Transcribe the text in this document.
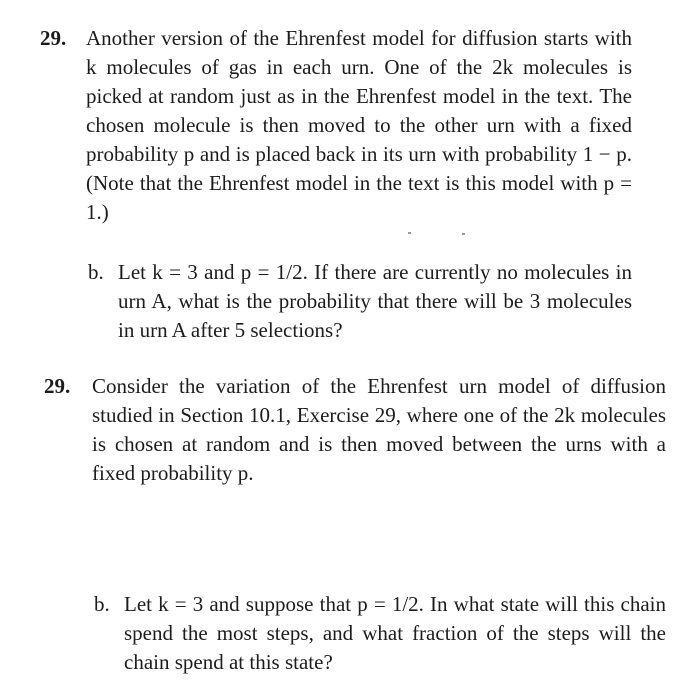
29. Another version of the Ehrenfest model for diffusion starts with k molecules of gas in each urn. One of the 2k molecules is picked at random just as in the Ehrenfest model in the text. The chosen molecule is then moved to the other urn with a fixed probability p and is placed back in its urn with probability 1 − p. (Note that the Ehrenfest model in the text is this model with p = 1.)
b. Let k = 3 and p = 1/2. If there are currently no molecules in urn A, what is the probability that there will be 3 molecules in urn A after 5 selections?
29. Consider the variation of the Ehrenfest urn model of diffusion studied in Section 10.1, Exercise 29, where one of the 2k molecules is chosen at random and is then moved between the urns with a fixed probability p.
b. Let k = 3 and suppose that p = 1/2. In what state will this chain spend the most steps, and what fraction of the steps will the chain spend at this state?
